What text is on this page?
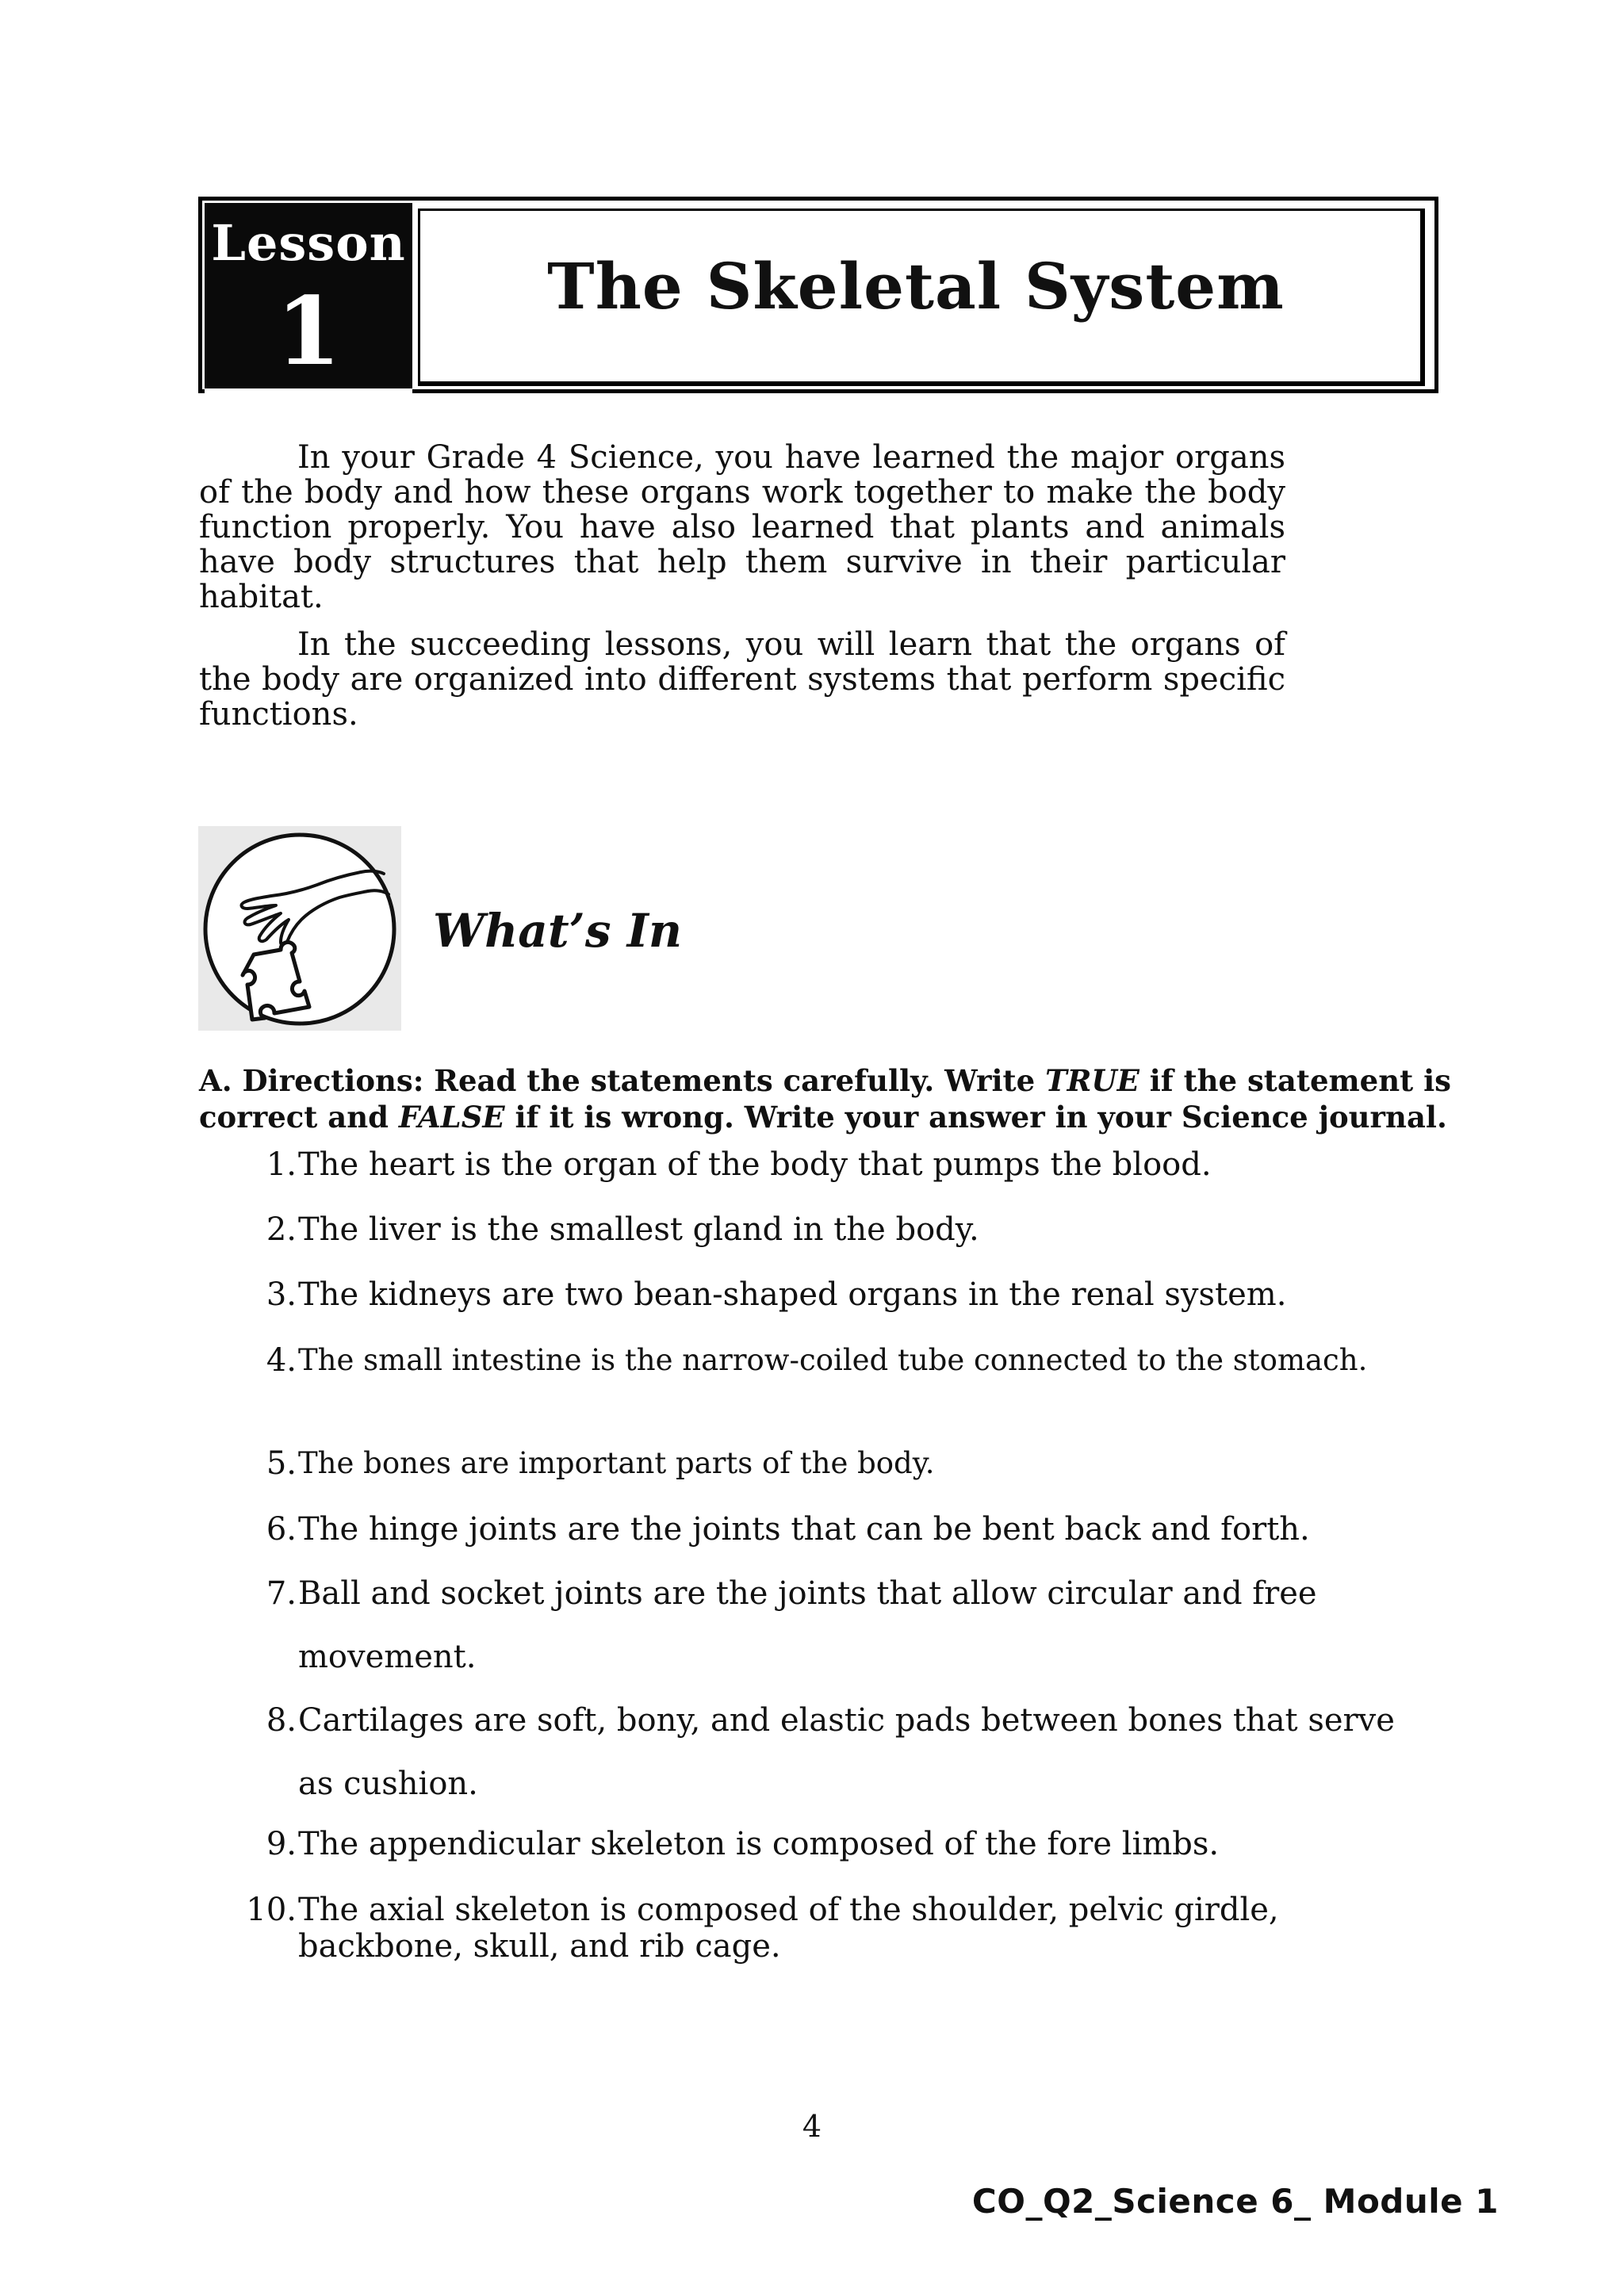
Lesson
1	The Skeletal System

In your Grade 4 Science, you have learned the major organs of the body and how these organs work together to make the body function properly. You have also learned that plants and animals have body structures that help them survive in their particular habitat.

In the succeeding lessons, you will learn that the organs of the body are organized into different systems that perform specific functions.

What’s In
A. Directions: Read the statements carefully. Write TRUE if the statement is correct and FALSE if it is wrong. Write your answer in your Science journal.
1. The heart is the organ of the body that pumps the blood.
2. The liver is the smallest gland in the body.
3. The kidneys are two bean-shaped organs in the renal system.
4. The small intestine is the narrow-coiled tube connected to the stomach.
5. The bones are important parts of the body.
6. The hinge joints are the joints that can be bent back and forth.
7. Ball and socket joints are the joints that allow circular and free movement.
8. Cartilages are soft, bony, and elastic pads between bones that serve as cushion.
9. The appendicular skeleton is composed of the fore limbs.
10. The axial skeleton is composed of the shoulder, pelvic girdle, backbone, skull, and rib cage.
4
CO_Q2_Science 6_ Module 1
